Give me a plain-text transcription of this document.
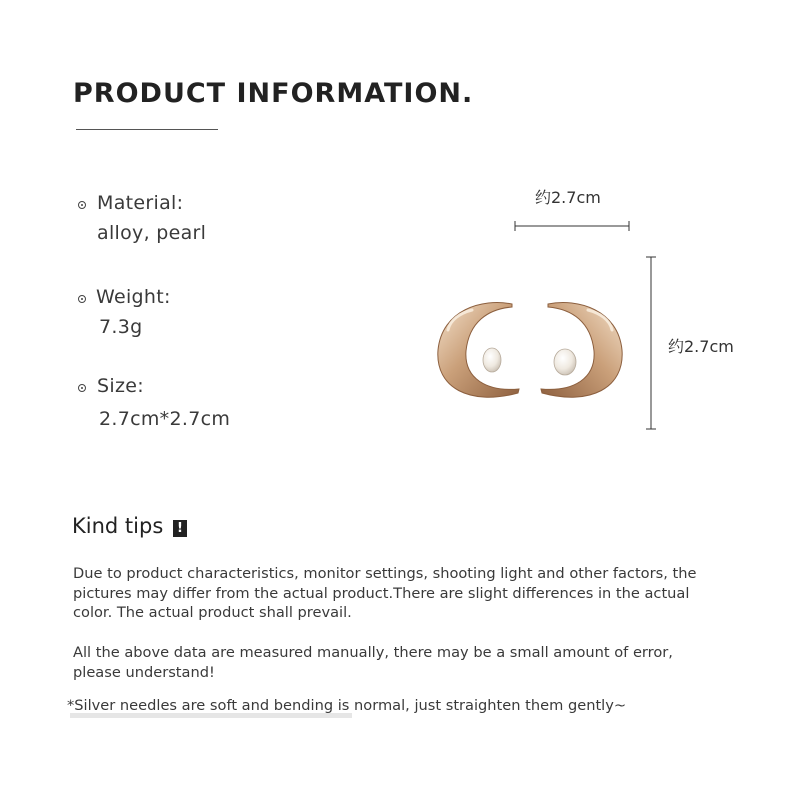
PRODUCT INFORMATION.
Material:
alloy, pearl
Weight:
7.3g
Size:
2.7cm*2.7cm
约2.7cm
约2.7cm
Kind tips !
Due to product characteristics, monitor settings, shooting light and other factors, the pictures may differ from the actual product.There are slight differences in the actual color. The actual product shall prevail.
All the above data are measured manually, there may be a small amount of error, please understand!
*Silver needles are soft and bending is normal, just straighten them gently~
